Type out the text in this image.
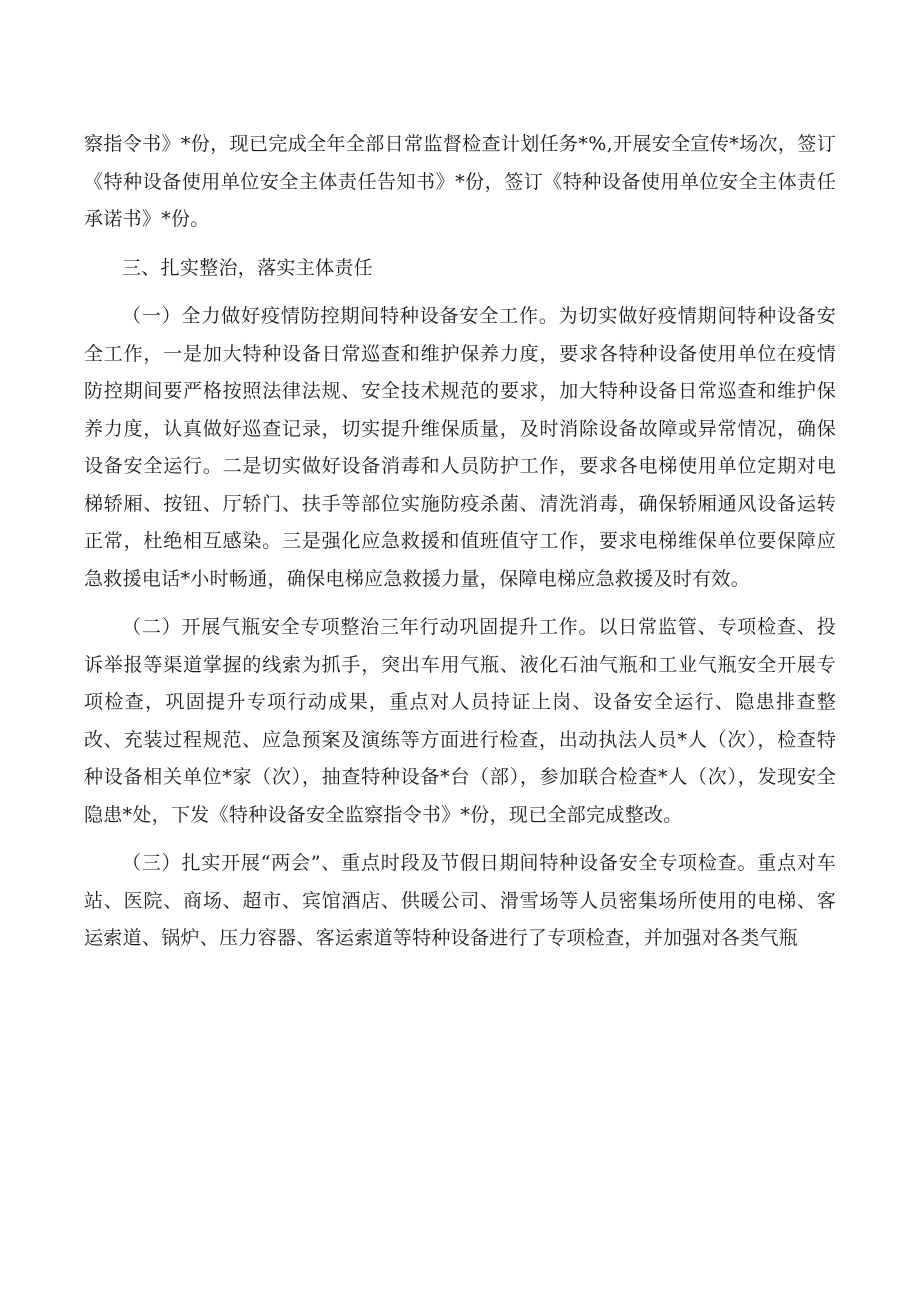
察指令书》*份，现已完成全年全部日常监督检查计划任务*%,开展安全宣传*场次，签订《特种设备使用单位安全主体责任告知书》*份，签订《特种设备使用单位安全主体责任承诺书》*份。

三、扎实整治，落实主体责任

（一）全力做好疫情防控期间特种设备安全工作。为切实做好疫情期间特种设备安全工作，一是加大特种设备日常巡查和维护保养力度，要求各特种设备使用单位在疫情防控期间要严格按照法律法规、安全技术规范的要求，加大特种设备日常巡查和维护保养力度，认真做好巡查记录，切实提升维保质量，及时消除设备故障或异常情况，确保设备安全运行。二是切实做好设备消毒和人员防护工作，要求各电梯使用单位定期对电梯轿厢、按钮、厅轿门、扶手等部位实施防疫杀菌、清洗消毒，确保轿厢通风设备运转正常，杜绝相互感染。三是强化应急救援和值班值守工作，要求电梯维保单位要保障应急救援电话*小时畅通，确保电梯应急救援力量，保障电梯应急救援及时有效。

（二）开展气瓶安全专项整治三年行动巩固提升工作。以日常监管、专项检查、投诉举报等渠道掌握的线索为抓手，突出车用气瓶、液化石油气瓶和工业气瓶安全开展专项检查，巩固提升专项行动成果，重点对人员持证上岗、设备安全运行、隐患排查整改、充装过程规范、应急预案及演练等方面进行检查，出动执法人员*人（次），检查特种设备相关单位*家（次），抽查特种设备*台（部），参加联合检查*人（次），发现安全隐患*处，下发《特种设备安全监察指令书》*份，现已全部完成整改。

（三）扎实开展“两会”、重点时段及节假日期间特种设备安全专项检查。重点对车站、医院、商场、超市、宾馆酒店、供暖公司、滑雪场等人员密集场所使用的电梯、客运索道、锅炉、压力容器、客运索道等特种设备进行了专项检查，并加强对各类气瓶
